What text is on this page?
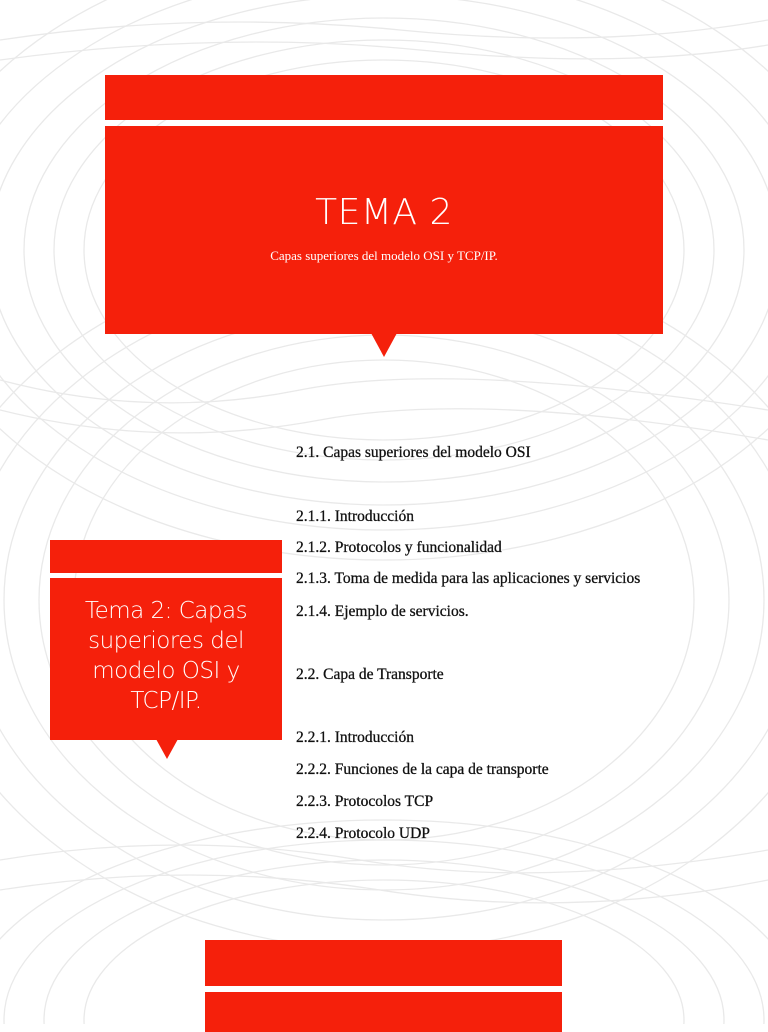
TEMA 2
Capas superiores del modelo OSI y TCP/IP.
Tema 2: Capas superiores del modelo OSI y TCP/IP.
2.1. Capas superiores del modelo OSI
2.1.1. Introducción
2.1.2. Protocolos y funcionalidad
2.1.3. Toma de medida para las aplicaciones y servicios
2.1.4. Ejemplo de servicios.
2.2. Capa de Transporte
2.2.1. Introducción
2.2.2. Funciones de la capa de transporte
2.2.3. Protocolos TCP
2.2.4. Protocolo UDP
